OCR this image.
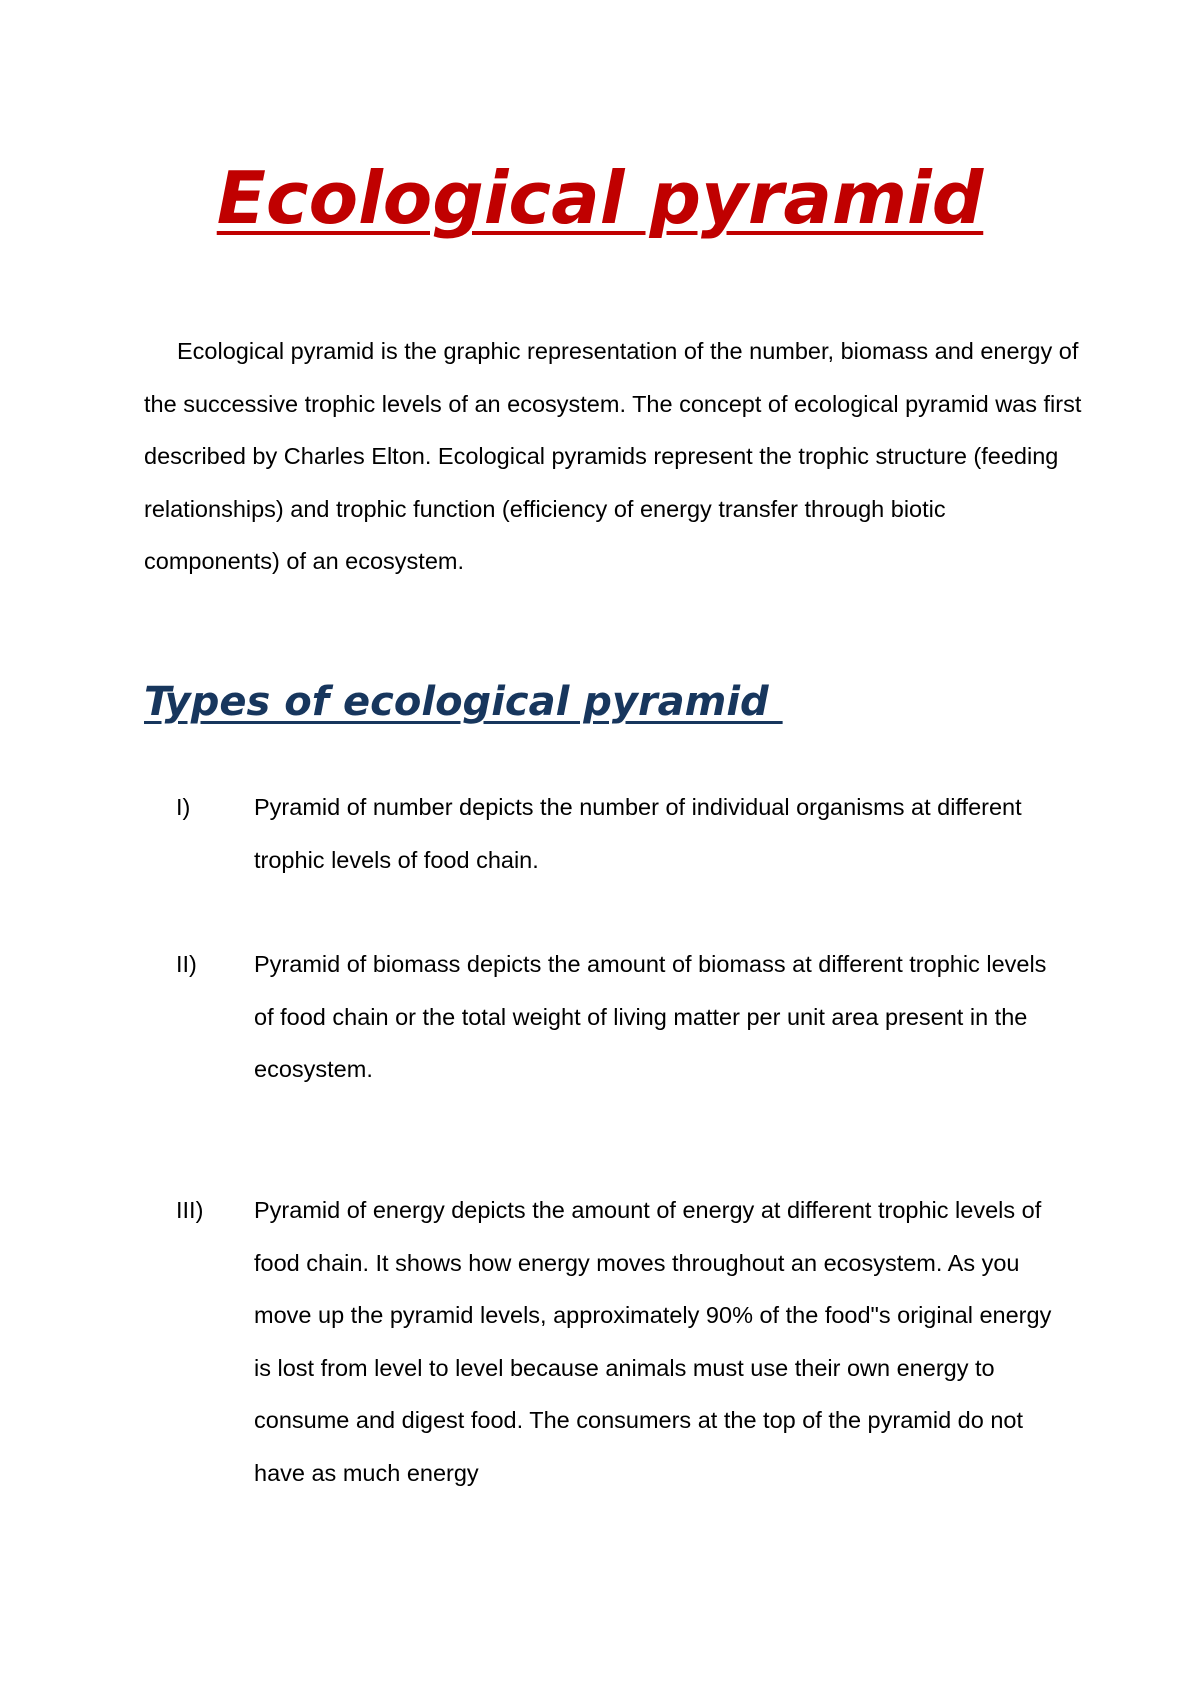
Ecological pyramid

Ecological pyramid is the graphic representation of the number, biomass and energy of the successive trophic levels of an ecosystem. The concept of ecological pyramid was first described by Charles Elton. Ecological pyramids represent the trophic structure (feeding relationships) and trophic function (efficiency of energy transfer through biotic components) of an ecosystem.

Types of ecological pyramid
I)	Pyramid of number depicts the number of individual organisms at different trophic levels of food chain.

II)	Pyramid of biomass depicts the amount of biomass at different trophic levels of food chain or the total weight of living matter per unit area present in the ecosystem.

III)	Pyramid of energy depicts the amount of energy at different trophic levels of food chain. It shows how energy moves throughout an ecosystem. As you move up the pyramid levels, approximately 90% of the food"s original energy is lost from level to level because animals must use their own energy to consume and digest food. The consumers at the top of the pyramid do not have as much energy
